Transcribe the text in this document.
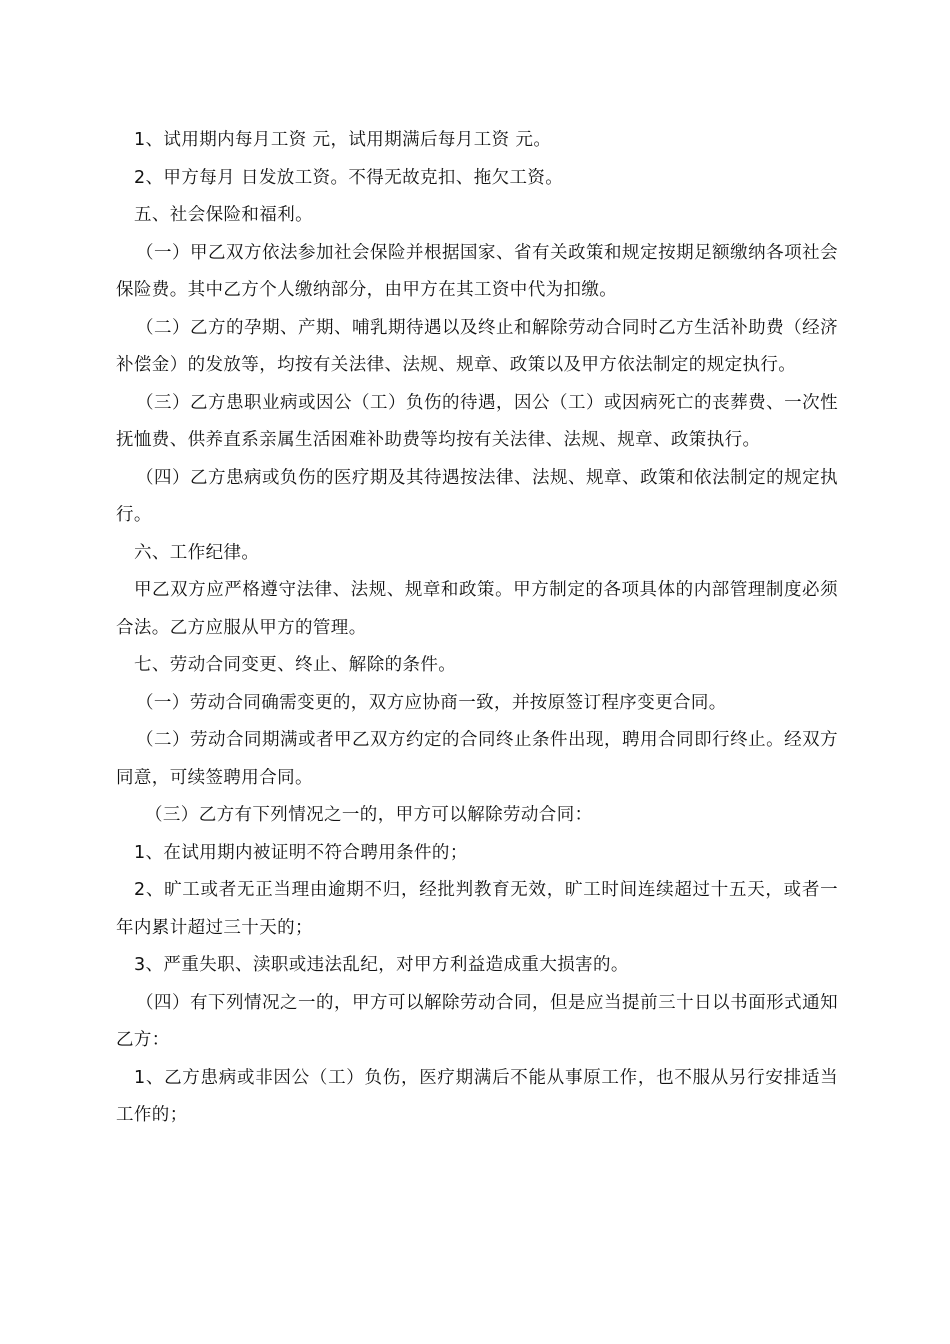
1、试用期内每月工资 元，试用期满后每月工资 元。

2、甲方每月 日发放工资。不得无故克扣、拖欠工资。

五、社会保险和福利。

（一）甲乙双方依法参加社会保险并根据国家、省有关政策和规定按期足额缴纳各项社会保险费。其中乙方个人缴纳部分，由甲方在其工资中代为扣缴。

（二）乙方的孕期、产期、哺乳期待遇以及终止和解除劳动合同时乙方生活补助费（经济补偿金）的发放等，均按有关法律、法规、规章、政策以及甲方依法制定的规定执行。

（三）乙方患职业病或因公（工）负伤的待遇，因公（工）或因病死亡的丧葬费、一次性抚恤费、供养直系亲属生活困难补助费等均按有关法律、法规、规章、政策执行。

（四）乙方患病或负伤的医疗期及其待遇按法律、法规、规章、政策和依法制定的规定执行。

六、工作纪律。

甲乙双方应严格遵守法律、法规、规章和政策。甲方制定的各项具体的内部管理制度必须合法。乙方应服从甲方的管理。

七、劳动合同变更、终止、解除的条件。

（一）劳动合同确需变更的，双方应协商一致，并按原签订程序变更合同。

（二）劳动合同期满或者甲乙双方约定的合同终止条件出现，聘用合同即行终止。经双方同意，可续签聘用合同。

（三）乙方有下列情况之一的，甲方可以解除劳动合同：

1、在试用期内被证明不符合聘用条件的；

2、旷工或者无正当理由逾期不归，经批判教育无效，旷工时间连续超过十五天，或者一年内累计超过三十天的；

3、严重失职、渎职或违法乱纪，对甲方利益造成重大损害的。

（四）有下列情况之一的，甲方可以解除劳动合同，但是应当提前三十日以书面形式通知乙方：

1、乙方患病或非因公（工）负伤，医疗期满后不能从事原工作，也不服从另行安排适当工作的；
